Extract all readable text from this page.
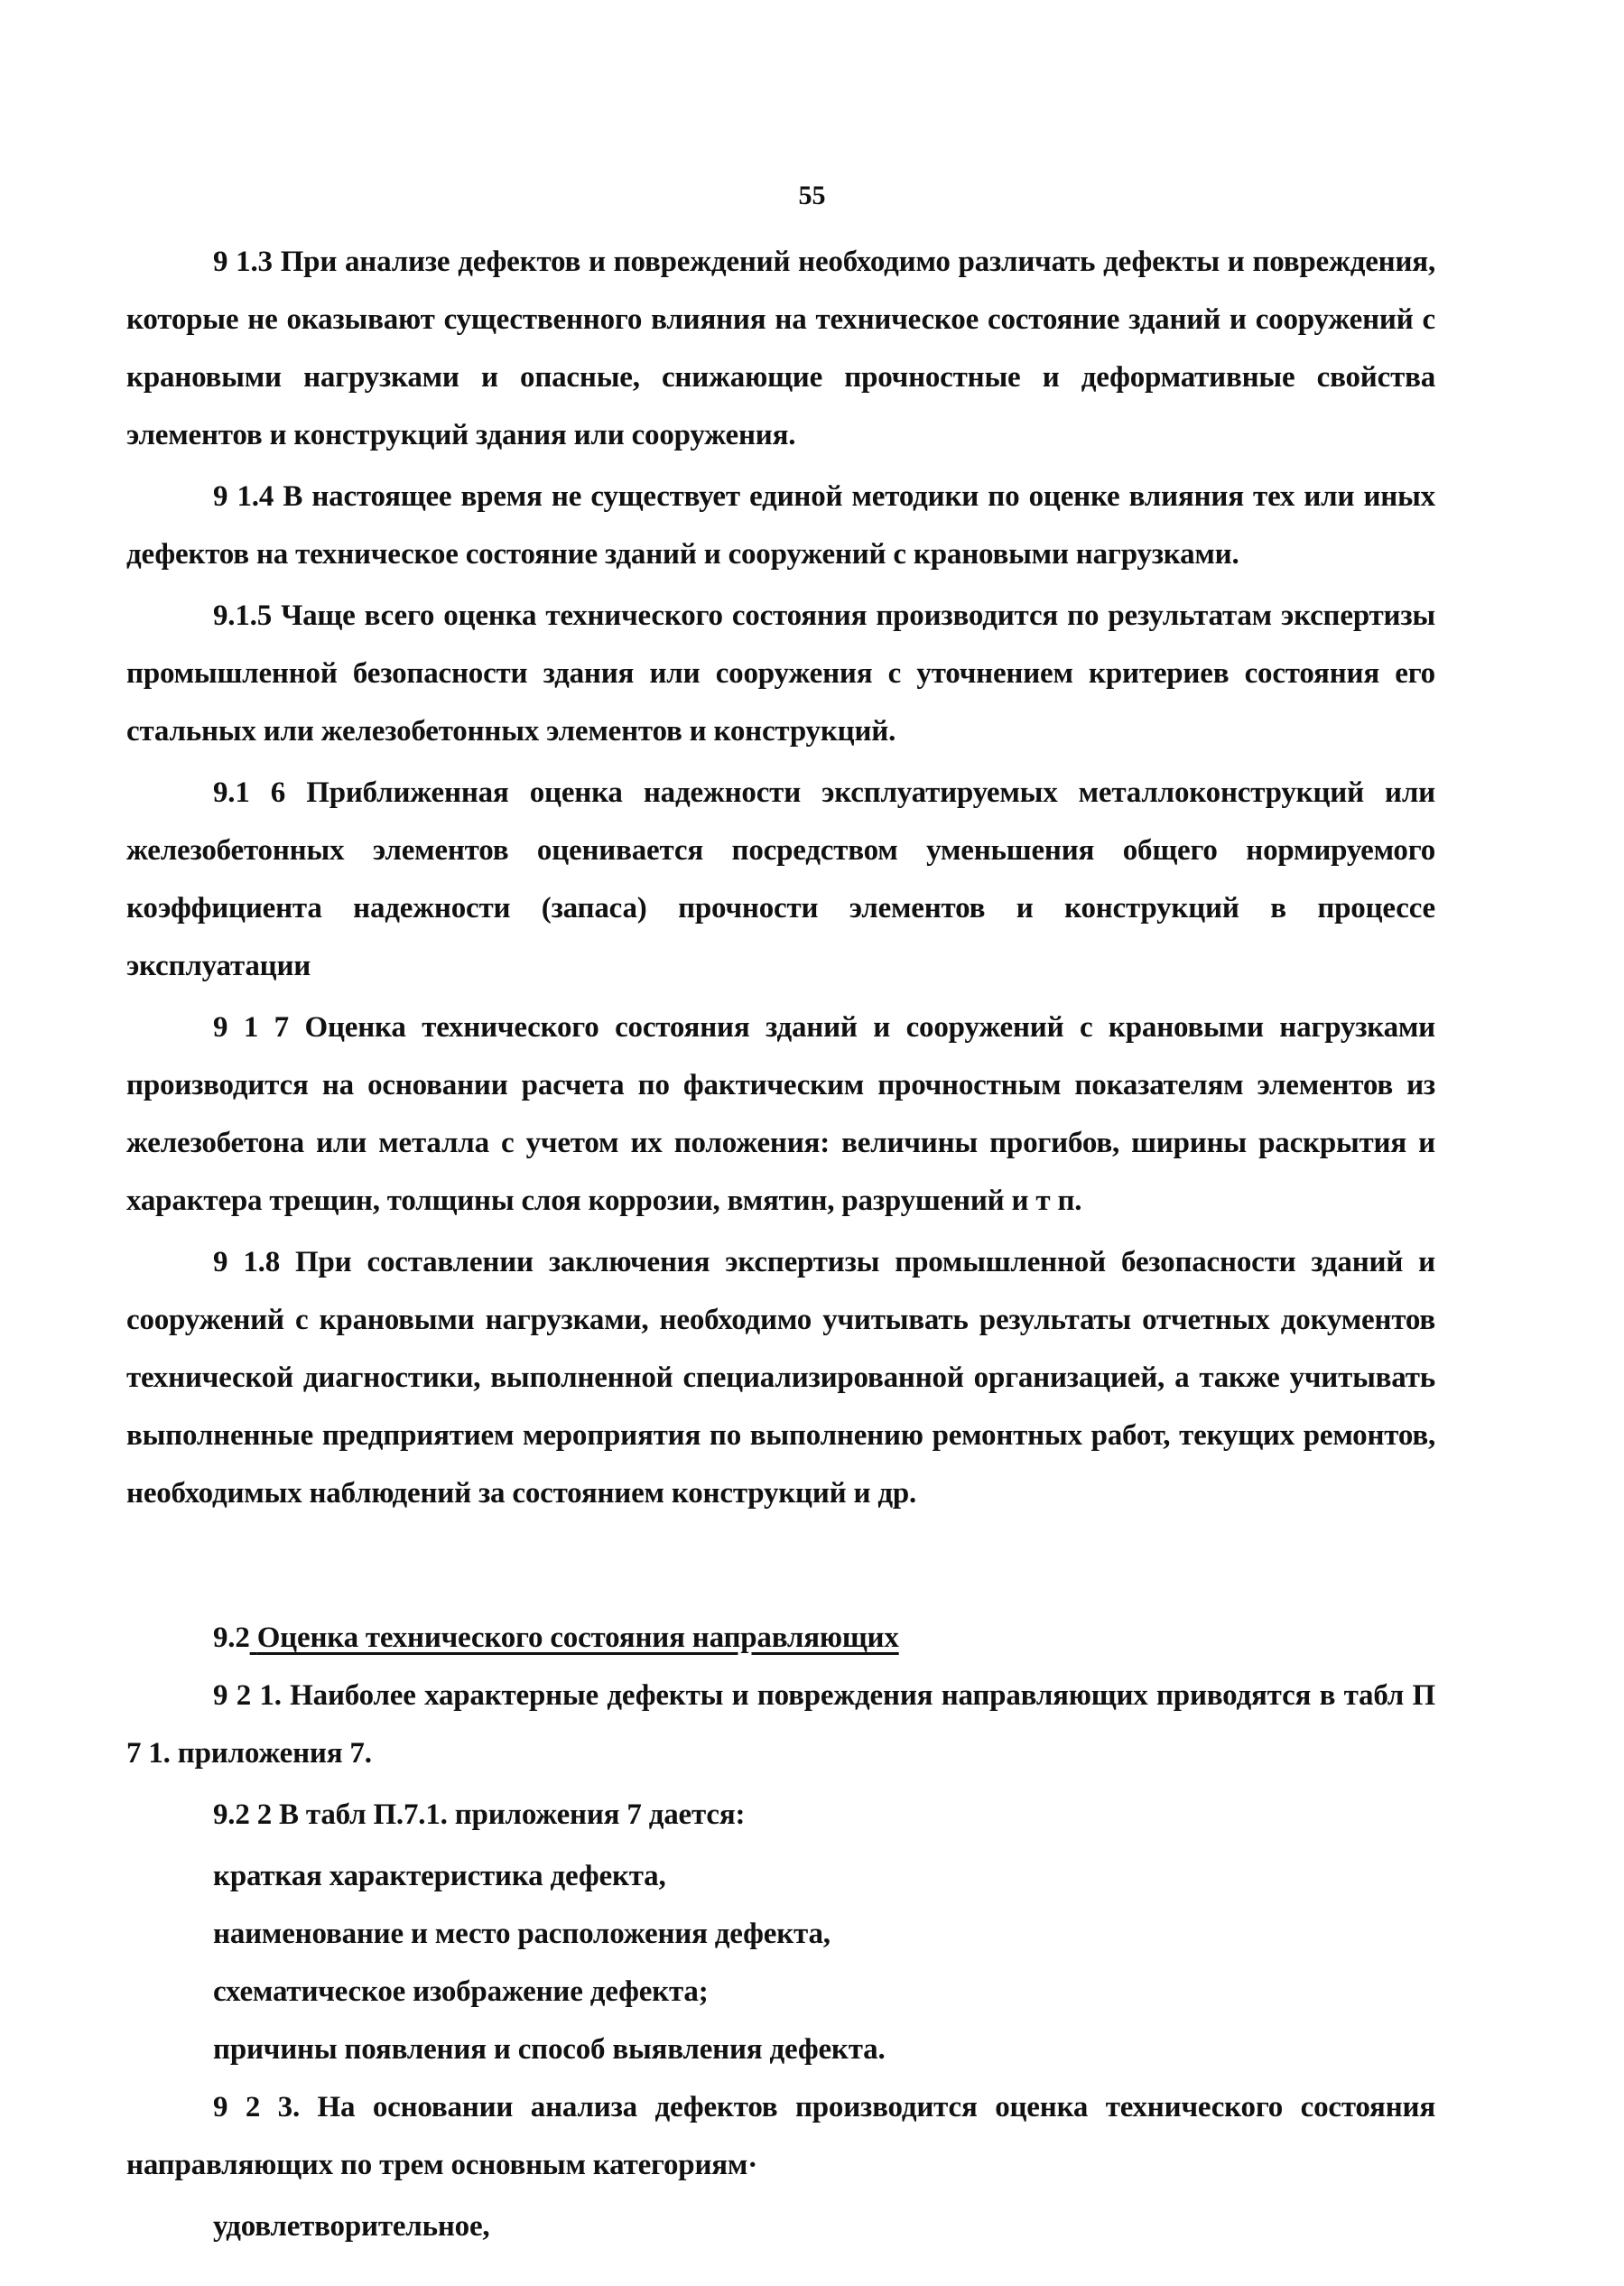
55

9 1.3 При анализе дефектов и повреждений необходимо различать дефекты и повреждения, которые не оказывают существенного влияния на техническое состояние зданий и сооружений с крановыми нагрузками и опасные, снижающие прочностные и деформативные свойства элементов и конструкций здания или сооружения.

9 1.4 В настоящее время не существует единой методики по оценке влияния тех или иных дефектов на техническое состояние зданий и сооружений с крановыми нагрузками.

9.1.5 Чаще всего оценка технического состояния производится по результатам экспертизы промышленной безопасности здания или сооружения с уточнением критериев состояния его стальных или железобетонных элементов и конструкций.

9.1 6 Приближенная оценка надежности эксплуатируемых металлоконструкций или железобетонных элементов оценивается посредством уменьшения общего нормируемого коэффициента надежности (запаса) прочности элементов и конструкций в процессе эксплуатации

9 1 7 Оценка технического состояния зданий и сооружений с крановыми нагрузками производится на основании расчета по фактическим прочностным показателям элементов из железобетона или металла с учетом их положения: величины прогибов, ширины раскрытия и характера трещин, толщины слоя коррозии, вмятин, разрушений и т п.

9 1.8 При составлении заключения экспертизы промышленной безопасности зданий и сооружений с крановыми нагрузками, необходимо учитывать результаты отчетных документов технической диагностики, выполненной специализированной организацией, а также учитывать выполненные предприятием мероприятия по выполнению ремонтных работ, текущих ремонтов, необходимых наблюдений за состоянием конструкций и др.

9.2 Оценка технического состояния направляющих

9 2 1. Наиболее характерные дефекты и повреждения направляющих приводятся в табл П 7 1. приложения 7.

9.2 2 В табл П.7.1. приложения 7 дается:

краткая характеристика дефекта,

наименование и место расположения дефекта,

схематическое изображение дефекта;

причины появления и способ выявления дефекта.

9 2 3. На основании анализа дефектов производится оценка технического состояния направляющих по трем основным категориям·

удовлетворительное,
